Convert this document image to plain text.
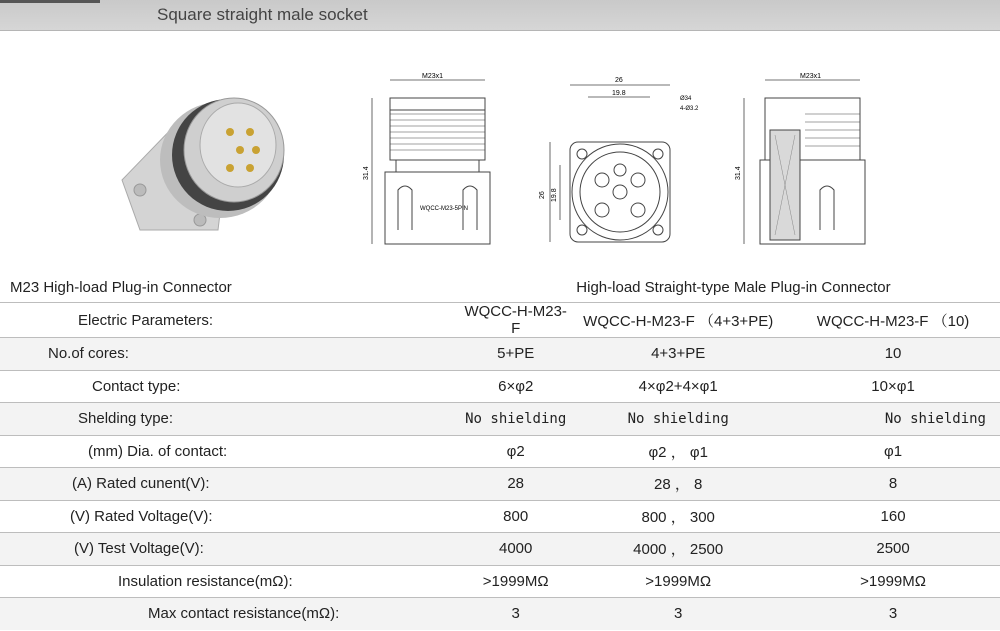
Square straight male socket
M23x1
WQCC-M23-5PIN
31.4
26
19.8
Ø34
4-Ø3.2
26 19.8
M23x1
31.4
M23 High-load Plug-in Connector		High-load Straight-type Male Plug-in Connector	
Electric Parameters:	WQCC-H-M23-F	WQCC-H-M23-F （4+3+PE)	WQCC-H-M23-F （10)
No.of cores:	5+PE	4+3+PE	10
Contact type:	6×φ2	4×φ2+4×φ1	10×φ1
Shelding type:	No shielding	No shielding	No shielding
(mm) Dia. of contact:	φ2	φ2 ， φ1	φ1
(A) Rated cunent(V):	28	28 ， 8	8
(V) Rated Voltage(V):	800	800 ， 300	160
(V) Test Voltage(V):	4000	4000 ， 2500	2500
Insulation resistance(mΩ):	>1999MΩ	>1999MΩ	>1999MΩ
Max contact resistance(mΩ):	3	3	3
